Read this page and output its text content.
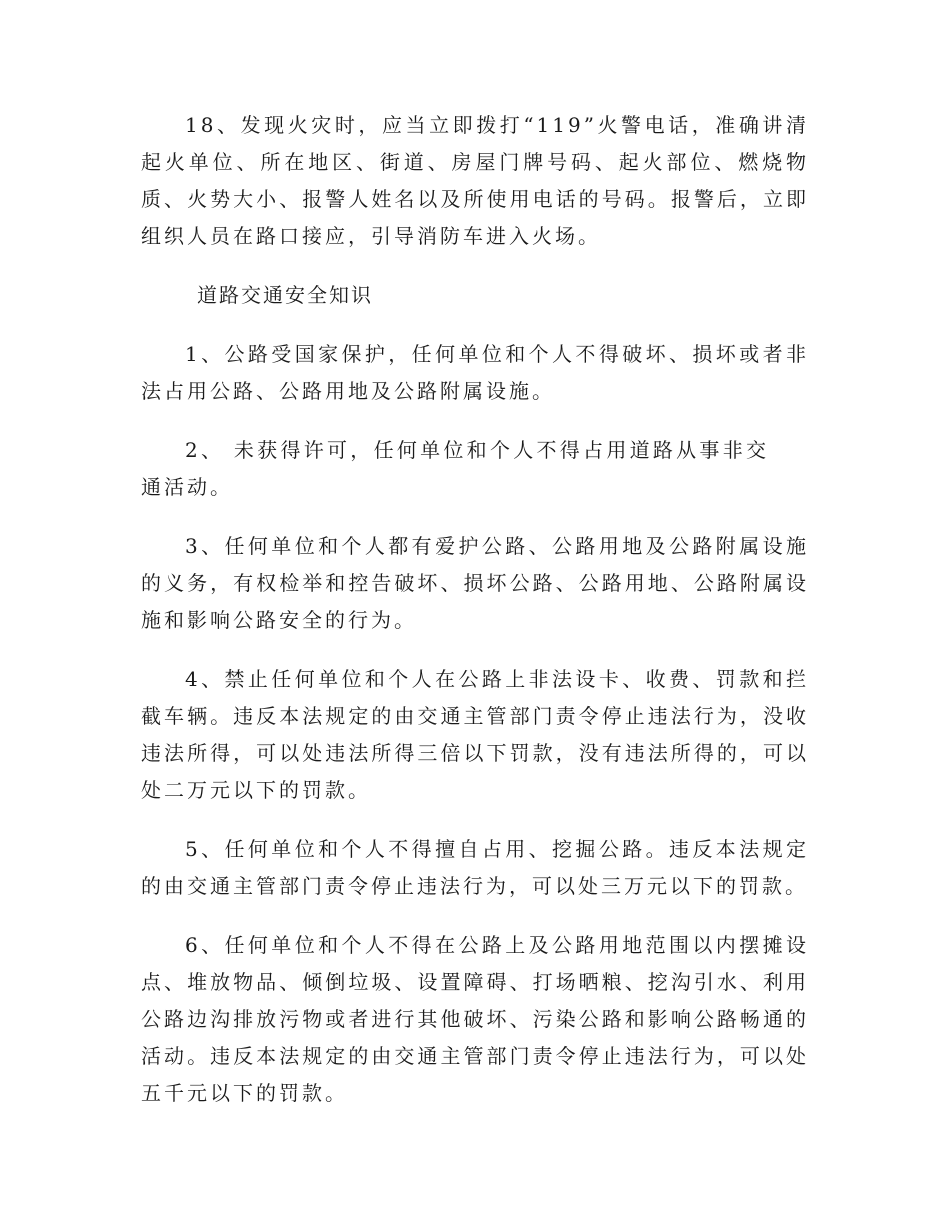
18、发现火灾时，应当立即拨打“119”火警电话，准确讲清起火单位、所在地区、街道、房屋门牌号码、起火部位、燃烧物质、火势大小、报警人姓名以及所使用电话的号码。报警后，立即组织人员在路口接应，引导消防车进入火场。

道路交通安全知识

1、公路受国家保护，任何单位和个人不得破坏、损坏或者非法占用公路、公路用地及公路附属设施。

2、 未获得许可，任何单位和个人不得占用道路从事非交通活动。

3、任何单位和个人都有爱护公路、公路用地及公路附属设施的义务，有权检举和控告破坏、损坏公路、公路用地、公路附属设施和影响公路安全的行为。

4、禁止任何单位和个人在公路上非法设卡、收费、罚款和拦截车辆。违反本法规定的由交通主管部门责令停止违法行为，没收违法所得，可以处违法所得三倍以下罚款，没有违法所得的，可以处二万元以下的罚款。

5、任何单位和个人不得擅自占用、挖掘公路。违反本法规定的由交通主管部门责令停止违法行为，可以处三万元以下的罚款。

6、任何单位和个人不得在公路上及公路用地范围以内摆摊设点、堆放物品、倾倒垃圾、设置障碍、打场晒粮、挖沟引水、利用公路边沟排放污物或者进行其他破坏、污染公路和影响公路畅通的活动。违反本法规定的由交通主管部门责令停止违法行为，可以处五千元以下的罚款。
